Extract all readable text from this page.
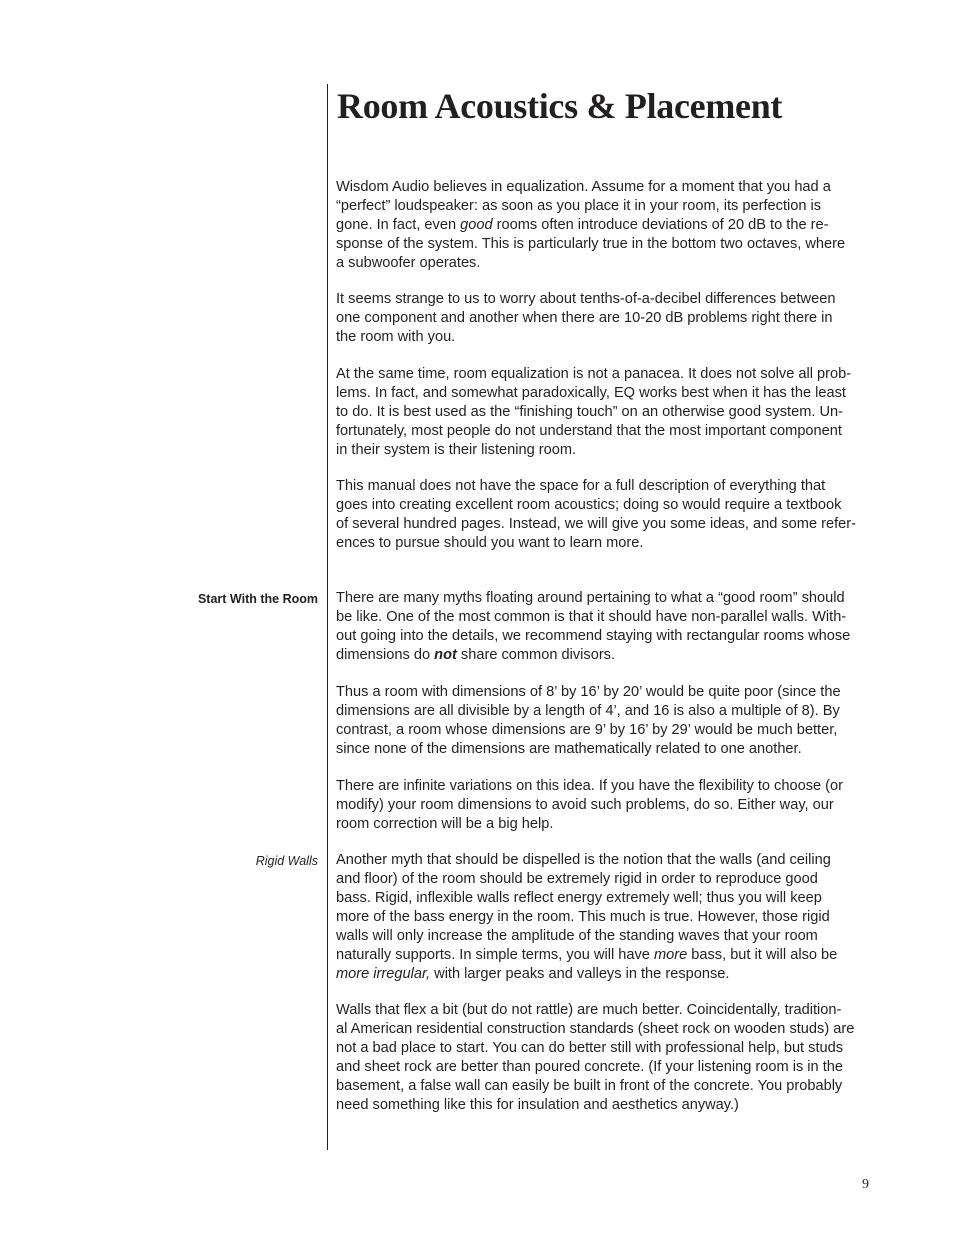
Room Acoustics & Placement
Wisdom Audio believes in equalization. Assume for a moment that you had a
“perfect” loudspeaker: as soon as you place it in your room, its perfection is
gone. In fact, even good rooms often introduce deviations of 20 dB to the re-
sponse of the system. This is particularly true in the bottom two octaves, where
a subwoofer operates.
It seems strange to us to worry about tenths-of-a-decibel differences between
one component and another when there are 10-20 dB problems right there in
the room with you.
At the same time, room equalization is not a panacea. It does not solve all prob-
lems. In fact, and somewhat paradoxically, EQ works best when it has the least
to do. It is best used as the “finishing touch” on an otherwise good system. Un-
fortunately, most people do not understand that the most important component
in their system is their listening room.
This manual does not have the space for a full description of everything that
goes into creating excellent room acoustics; doing so would require a textbook
of several hundred pages. Instead, we will give you some ideas, and some refer-
ences to pursue should you want to learn more.
Start With the Room There are many myths floating around pertaining to what a “good room” should
be like. One of the most common is that it should have non-parallel walls. With-
out going into the details, we recommend staying with rectangular rooms whose
dimensions do not share common divisors.
Thus a room with dimensions of 8’ by 16’ by 20’ would be quite poor (since the
dimensions are all divisible by a length of 4’, and 16 is also a multiple of 8). By
contrast, a room whose dimensions are 9’ by 16’ by 29’ would be much better,
since none of the dimensions are mathematically related to one another.
There are infinite variations on this idea. If you have the flexibility to choose (or
modify) your room dimensions to avoid such problems, do so. Either way, our
room correction will be a big help.
Rigid Walls Another myth that should be dispelled is the notion that the walls (and ceiling
and floor) of the room should be extremely rigid in order to reproduce good
bass. Rigid, inflexible walls reflect energy extremely well; thus you will keep
more of the bass energy in the room. This much is true. However, those rigid
walls will only increase the amplitude of the standing waves that your room
naturally supports. In simple terms, you will have more bass, but it will also be
more irregular, with larger peaks and valleys in the response.
Walls that flex a bit (but do not rattle) are much better. Coincidentally, tradition-
al American residential construction standards (sheet rock on wooden studs) are
not a bad place to start. You can do better still with professional help, but studs
and sheet rock are better than poured concrete. (If your listening room is in the
basement, a false wall can easily be built in front of the concrete. You probably
need something like this for insulation and aesthetics anyway.)
9
